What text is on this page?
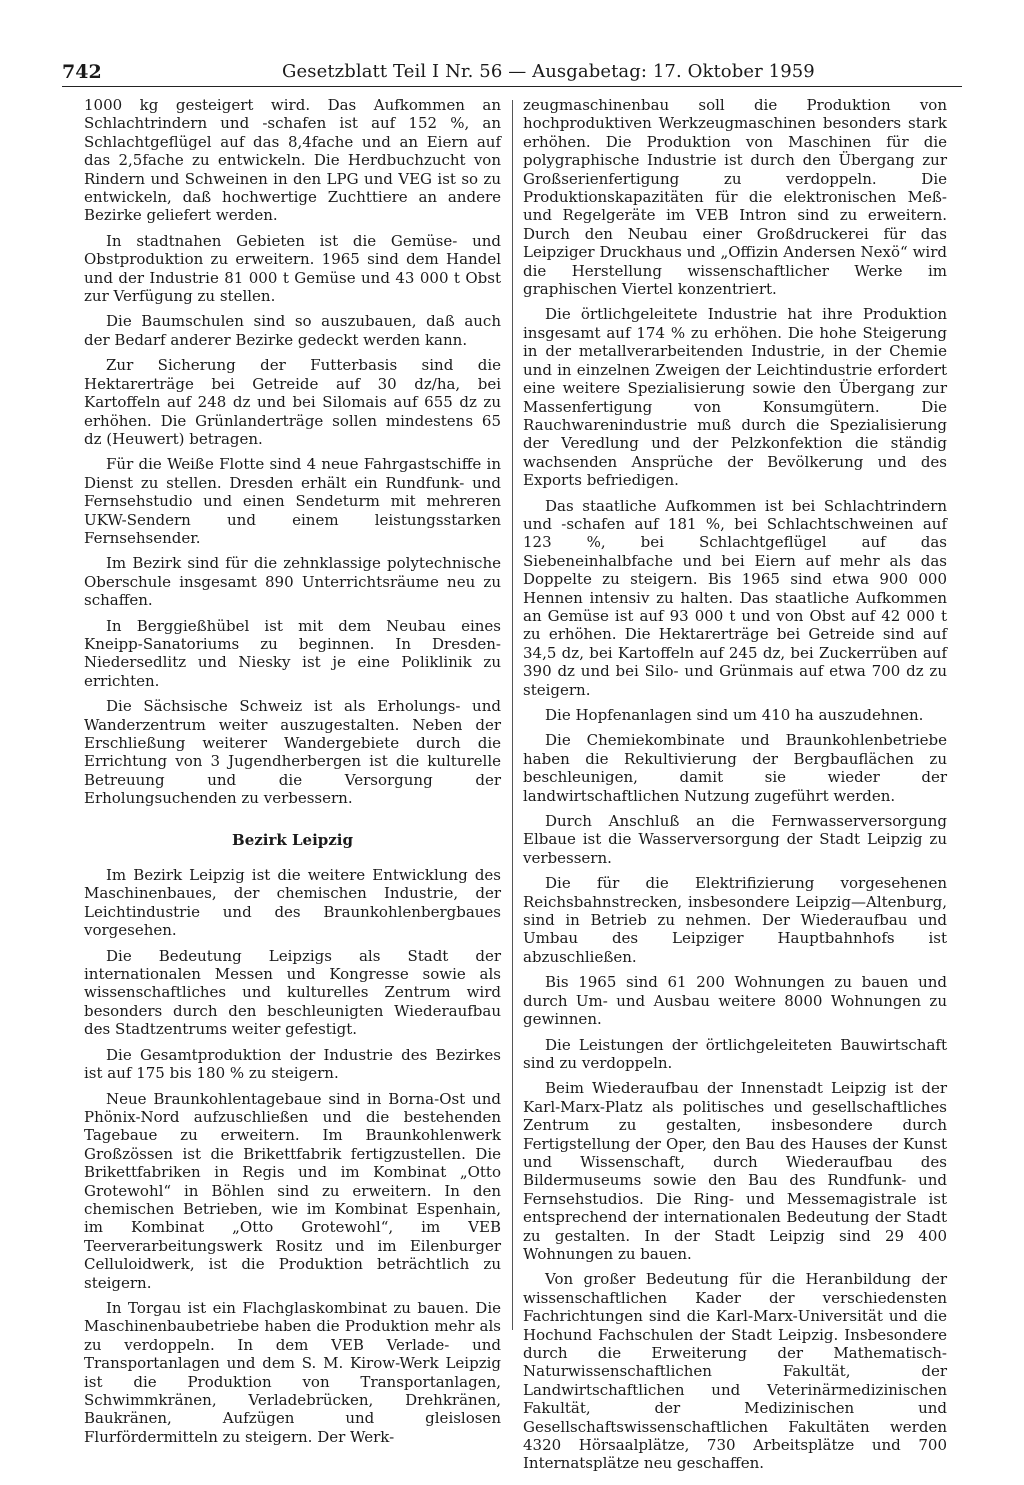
742	Gesetzblatt Teil I Nr. 56 — Ausgabetag: 17. Oktober 1959

1000 kg gesteigert wird. Das Aufkommen an Schlachtrindern und -schafen ist auf 152 %, an Schlachtgeflügel auf das 8,4fache und an Eiern auf das 2,5fache zu entwickeln. Die Herdbuchzucht von Rindern und Schweinen in den LPG und VEG ist so zu entwickeln, daß hochwertige Zuchttiere an andere Bezirke geliefert werden.

In stadtnahen Gebieten ist die Gemüse- und Obstproduktion zu erweitern. 1965 sind dem Handel und der Industrie 81 000 t Gemüse und 43 000 t Obst zur Verfügung zu stellen.

Die Baumschulen sind so auszubauen, daß auch der Bedarf anderer Bezirke gedeckt werden kann.

Zur Sicherung der Futterbasis sind die Hektarerträge bei Getreide auf 30 dz/ha, bei Kartoffeln auf 248 dz und bei Silomais auf 655 dz zu erhöhen. Die Grünlanderträge sollen mindestens 65 dz (Heuwert) betragen.

Für die Weiße Flotte sind 4 neue Fahrgastschiffe in Dienst zu stellen. Dresden erhält ein Rundfunk- und Fernsehstudio und einen Sendeturm mit mehreren UKW-Sendern und einem leistungsstarken Fernsehsender.

Im Bezirk sind für die zehnklassige polytechnische Oberschule insgesamt 890 Unterrichtsräume neu zu schaffen.

In Berggießhübel ist mit dem Neubau eines Kneipp-Sanatoriums zu beginnen. In Dresden-Niedersedlitz und Niesky ist je eine Poliklinik zu errichten.

Die Sächsische Schweiz ist als Erholungs- und Wanderzentrum weiter auszugestalten. Neben der Erschließung weiterer Wandergebiete durch die Errichtung von 3 Jugendherbergen ist die kulturelle Betreuung und die Versorgung der Erholungsuchenden zu verbessern.

Bezirk Leipzig

Im Bezirk Leipzig ist die weitere Entwicklung des Maschinenbaues, der chemischen Industrie, der Leichtindustrie und des Braunkohlenbergbaues vorgesehen.

Die Bedeutung Leipzigs als Stadt der internationalen Messen und Kongresse sowie als wissenschaftliches und kulturelles Zentrum wird besonders durch den beschleunigten Wiederaufbau des Stadtzentrums weiter gefestigt.

Die Gesamtproduktion der Industrie des Bezirkes ist auf 175 bis 180 % zu steigern.

Neue Braunkohlentagebaue sind in Borna-Ost und Phönix-Nord aufzuschließen und die bestehenden Tagebaue zu erweitern. Im Braunkohlenwerk Großzössen ist die Brikettfabrik fertigzustellen. Die Brikettfabriken in Regis und im Kombinat „Otto Grotewohl“ in Böhlen sind zu erweitern. In den chemischen Betrieben, wie im Kombinat Espenhain, im Kombinat „Otto Grotewohl“, im VEB Teerverarbeitungswerk Rositz und im Eilenburger Celluloidwerk, ist die Produktion beträchtlich zu steigern.

In Torgau ist ein Flachglaskombinat zu bauen. Die Maschinenbaubetriebe haben die Produktion mehr als zu verdoppeln. In dem VEB Verlade- und Transportanlagen und dem S. M. Kirow-Werk Leipzig ist die Produktion von Transportanlagen, Schwimmkränen, Verladebrücken, Drehkränen, Baukränen, Aufzügen und gleislosen Flurfördermitteln zu steigern. Der Werk-

zeugmaschinenbau soll die Produktion von hochproduktiven Werkzeugmaschinen besonders stark erhöhen. Die Produktion von Maschinen für die polygraphische Industrie ist durch den Übergang zur Großserienfertigung zu verdoppeln. Die Produktionskapazitäten für die elektronischen Meß- und Regelgeräte im VEB Intron sind zu erweitern. Durch den Neubau einer Großdruckerei für das Leipziger Druckhaus und „Offizin Andersen Nexö“ wird die Herstellung wissenschaftlicher Werke im graphischen Viertel konzentriert.

Die örtlichgeleitete Industrie hat ihre Produktion insgesamt auf 174 % zu erhöhen. Die hohe Steigerung in der metallverarbeitenden Industrie, in der Chemie und in einzelnen Zweigen der Leichtindustrie erfordert eine weitere Spezialisierung sowie den Übergang zur Massenfertigung von Konsumgütern. Die Rauchwarenindustrie muß durch die Spezialisierung der Veredlung und der Pelzkonfektion die ständig wachsenden Ansprüche der Bevölkerung und des Exports befriedigen.

Das staatliche Aufkommen ist bei Schlachtrindern und -schafen auf 181 %, bei Schlachtschweinen auf 123 %, bei Schlachtgeflügel auf das Siebeneinhalbfache und bei Eiern auf mehr als das Doppelte zu steigern. Bis 1965 sind etwa 900 000 Hennen intensiv zu halten. Das staatliche Aufkommen an Gemüse ist auf 93 000 t und von Obst auf 42 000 t zu erhöhen. Die Hektarerträge bei Getreide sind auf 34,5 dz, bei Kartoffeln auf 245 dz, bei Zuckerrüben auf 390 dz und bei Silo- und Grünmais auf etwa 700 dz zu steigern.

Die Hopfenanlagen sind um 410 ha auszudehnen.

Die Chemiekombinate und Braunkohlenbetriebe haben die Rekultivierung der Bergbauflächen zu beschleunigen, damit sie wieder der landwirtschaftlichen Nutzung zugeführt werden.

Durch Anschluß an die Fernwasserversorgung Elbaue ist die Wasserversorgung der Stadt Leipzig zu verbessern.

Die für die Elektrifizierung vorgesehenen Reichsbahnstrecken, insbesondere Leipzig—Altenburg, sind in Betrieb zu nehmen. Der Wiederaufbau und Umbau des Leipziger Hauptbahnhofs ist abzuschließen.

Bis 1965 sind 61 200 Wohnungen zu bauen und durch Um- und Ausbau weitere 8000 Wohnungen zu gewinnen.

Die Leistungen der örtlichgeleiteten Bauwirtschaft sind zu verdoppeln.

Beim Wiederaufbau der Innenstadt Leipzig ist der Karl-Marx-Platz als politisches und gesellschaftliches Zentrum zu gestalten, insbesondere durch Fertigstellung der Oper, den Bau des Hauses der Kunst und Wissenschaft, durch Wiederaufbau des Bildermuseums sowie den Bau des Rundfunk- und Fernsehstudios. Die Ring- und Messemagistrale ist entsprechend der internationalen Bedeutung der Stadt zu gestalten. In der Stadt Leipzig sind 29 400 Wohnungen zu bauen.

Von großer Bedeutung für die Heranbildung der wissenschaftlichen Kader der verschiedensten Fachrichtungen sind die Karl-Marx-Universität und die Hochund Fachschulen der Stadt Leipzig. Insbesondere durch die Erweiterung der Mathematisch-Naturwissenschaftlichen Fakultät, der Landwirtschaftlichen und Veterinärmedizinischen Fakultät, der Medizinischen und Gesellschaftswissenschaftlichen Fakultäten werden 4320 Hörsaalplätze, 730 Arbeitsplätze und 700 Internatsplätze neu geschaffen.
